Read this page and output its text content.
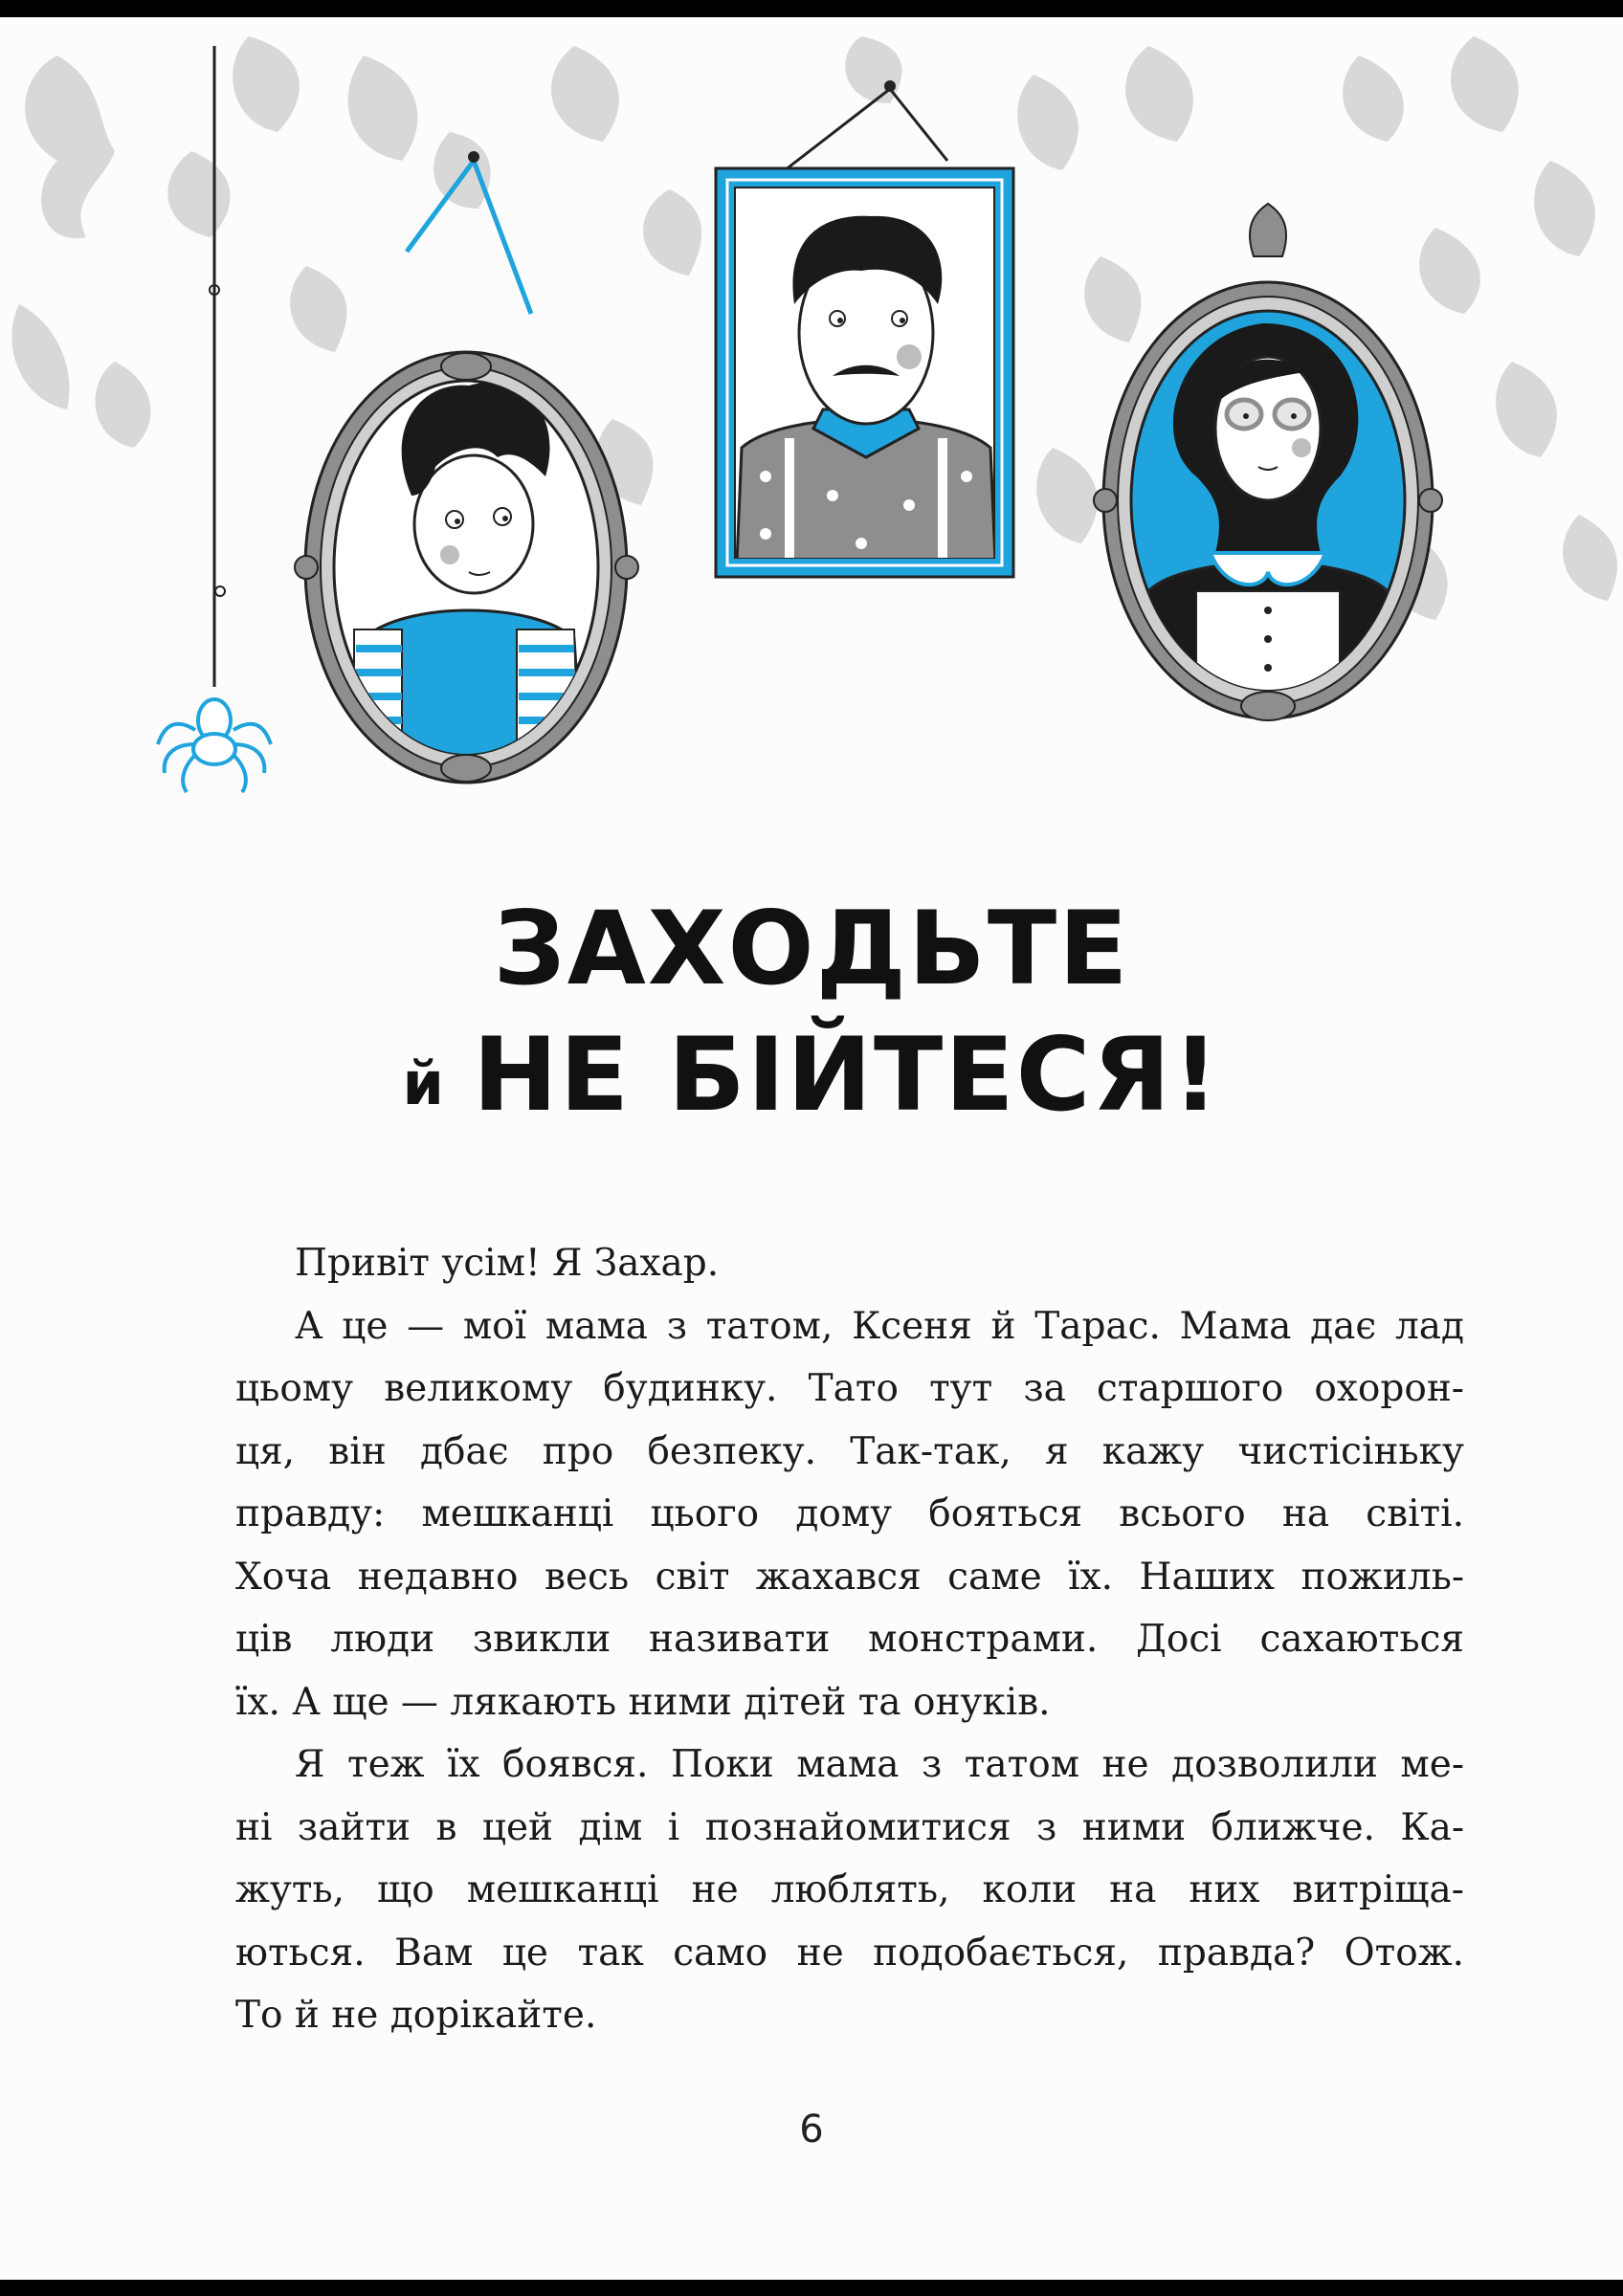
ЗАХОДЬТЕ
й НЕ БІЙТЕСЯ!
Привіт усім! Я Захар.
А це — мої мама з татом, Ксеня й Тарас. Мама дає лад
цьому великому будинку. Тато тут за старшого охорон-
ця, він дбає про безпеку. Так-так, я кажу чистісіньку
правду: мешканці цього дому бояться всього на світі.
Хоча недавно весь світ жахався саме їх. Наших пожиль-
ців люди звикли називати монстрами. Досі сахаються
їх. А ще — лякають ними дітей та онуків.
Я теж їх боявся. Поки мама з татом не дозволили ме-
ні зайти в цей дім і познайомитися з ними ближче. Ка-
жуть, що мешканці не люблять, коли на них витріща-
ються. Вам це так само не подобається, правда? Отож.
То й не дорікайте.
6
